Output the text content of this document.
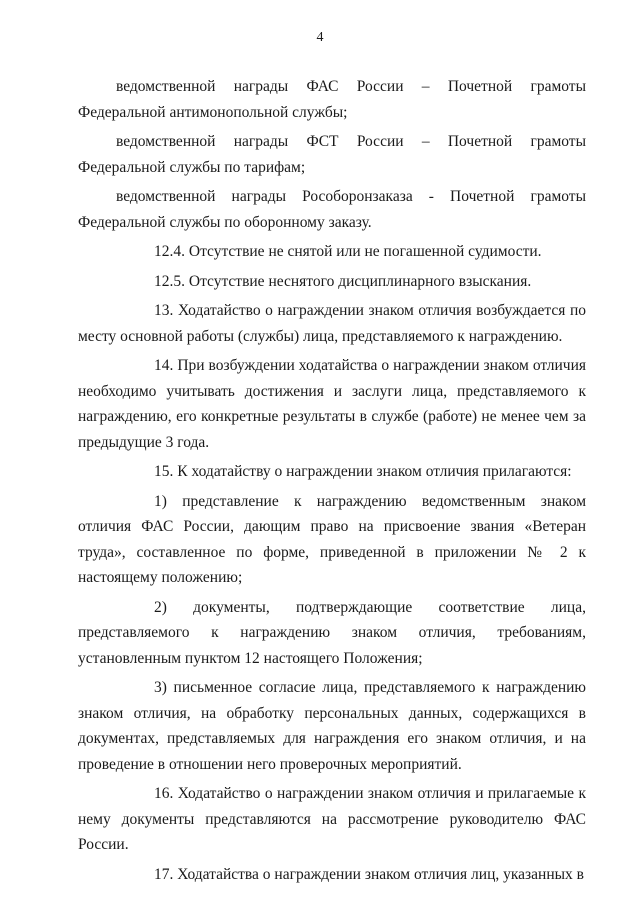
4

ведомственной награды ФАС России – Почетной грамоты Федеральной антимонопольной службы;

ведомственной награды ФСТ России – Почетной грамоты Федеральной службы по тарифам;

ведомственной награды Рособоронзаказа - Почетной грамоты Федеральной службы по оборонному заказу.

12.4. Отсутствие не снятой или не погашенной судимости.

12.5. Отсутствие неснятого дисциплинарного взыскания.

13. Ходатайство о награждении знаком отличия возбуждается по месту основной работы (службы) лица, представляемого к награждению.

14. При возбуждении ходатайства о награждении знаком отличия необходимо учитывать достижения и заслуги лица, представляемого к награждению, его конкретные результаты в службе (работе) не менее чем за предыдущие 3 года.

15. К ходатайству о награждении знаком отличия прилагаются:

1) представление к награждению ведомственным знаком отличия ФАС России, дающим право на присвоение звания «Ветеран труда», составленное по форме, приведенной в приложении № 2 к настоящему положению;

2) документы, подтверждающие соответствие лица, представляемого к награждению знаком отличия, требованиям, установленным пунктом 12 настоящего Положения;

3) письменное согласие лица, представляемого к награждению знаком отличия, на обработку персональных данных, содержащихся в документах, представляемых для награждения его знаком отличия, и на проведение в отношении него проверочных мероприятий.

16. Ходатайство о награждении знаком отличия и прилагаемые к нему документы представляются на рассмотрение руководителю ФАС России.

17. Ходатайства о награждении знаком отличия лиц, указанных в
